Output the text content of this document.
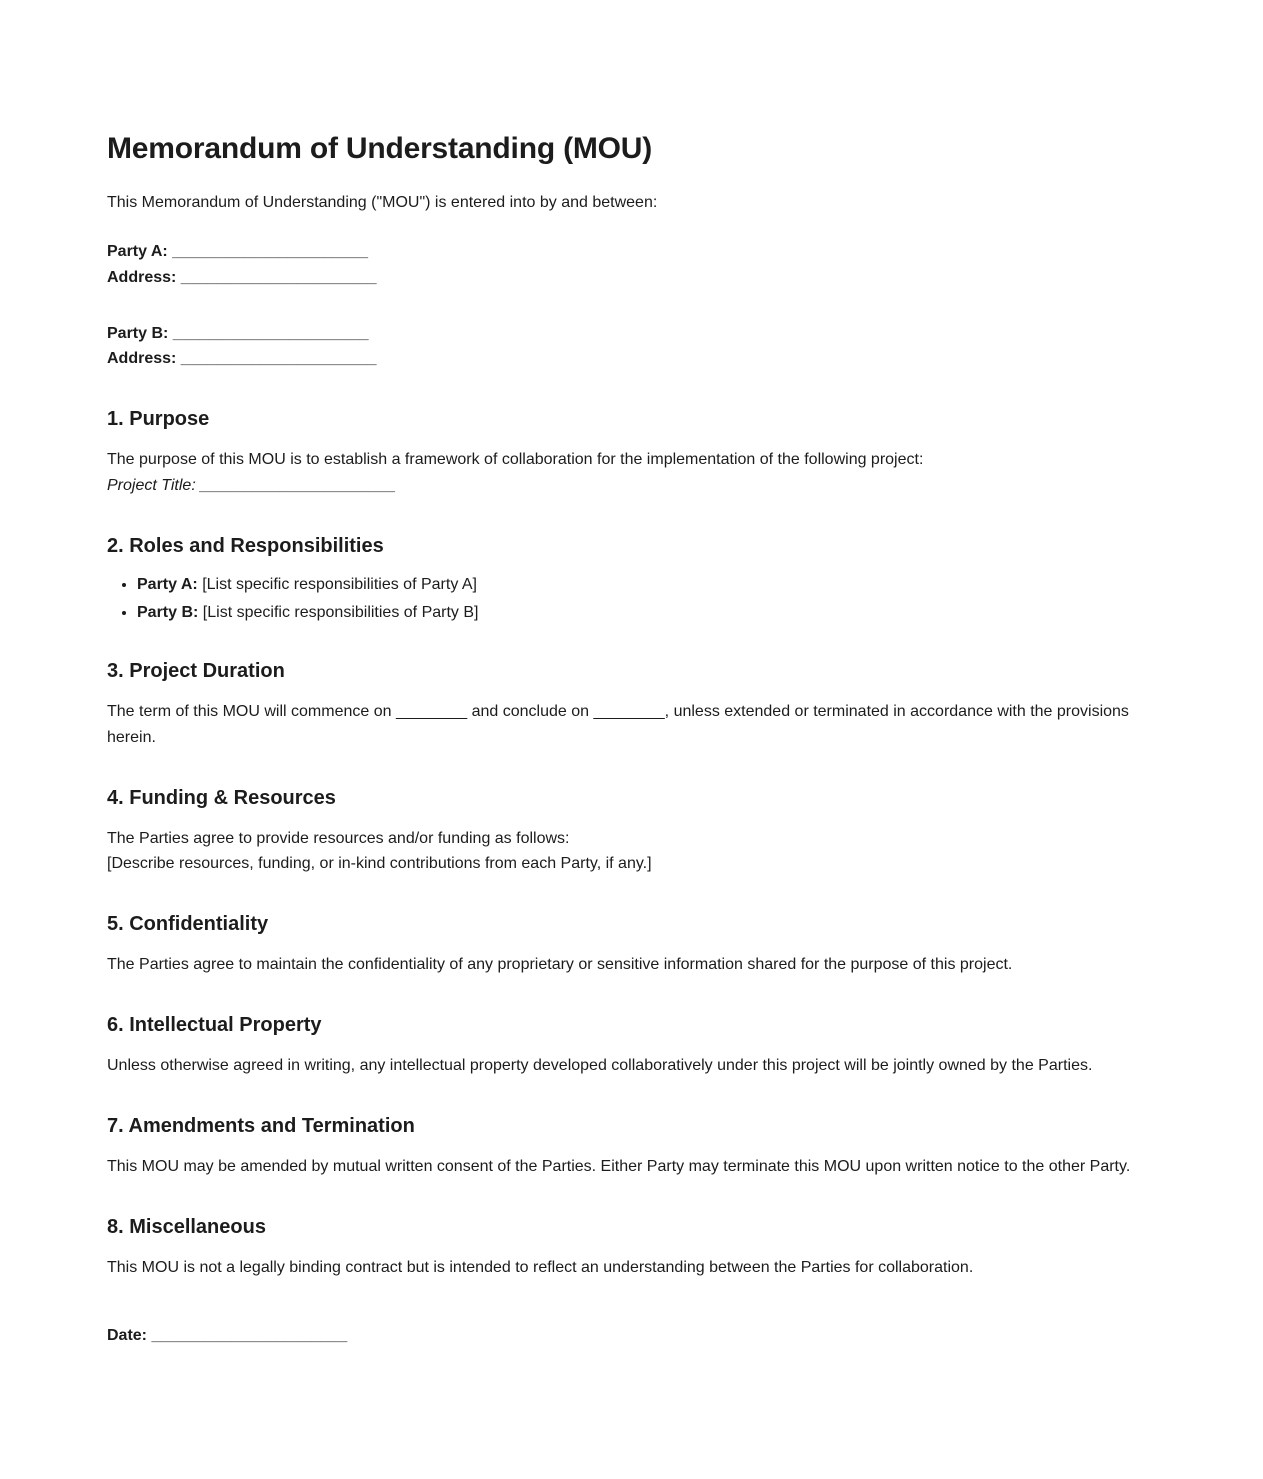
Memorandum of Understanding (MOU)

This Memorandum of Understanding ("MOU") is entered into by and between:

Party A: ______________________
Address: ______________________
Party B: ______________________
Address: ______________________
1. Purpose

The purpose of this MOU is to establish a framework of collaboration for the implementation of the following project:
Project Title: ______________________

2. Roles and Responsibilities
• Party A: [List specific responsibilities of Party A]
• Party B: [List specific responsibilities of Party B]
3. Project Duration

The term of this MOU will commence on ________ and conclude on ________, unless extended or terminated in accordance with the provisions herein.

4. Funding & Resources

The Parties agree to provide resources and/or funding as follows:
[Describe resources, funding, or in-kind contributions from each Party, if any.]

5. Confidentiality

The Parties agree to maintain the confidentiality of any proprietary or sensitive information shared for the purpose of this project.

6. Intellectual Property

Unless otherwise agreed in writing, any intellectual property developed collaboratively under this project will be jointly owned by the Parties.

7. Amendments and Termination

This MOU may be amended by mutual written consent of the Parties. Either Party may terminate this MOU upon written notice to the other Party.

8. Miscellaneous

This MOU is not a legally binding contract but is intended to reflect an understanding between the Parties for collaboration.

Date: ______________________
